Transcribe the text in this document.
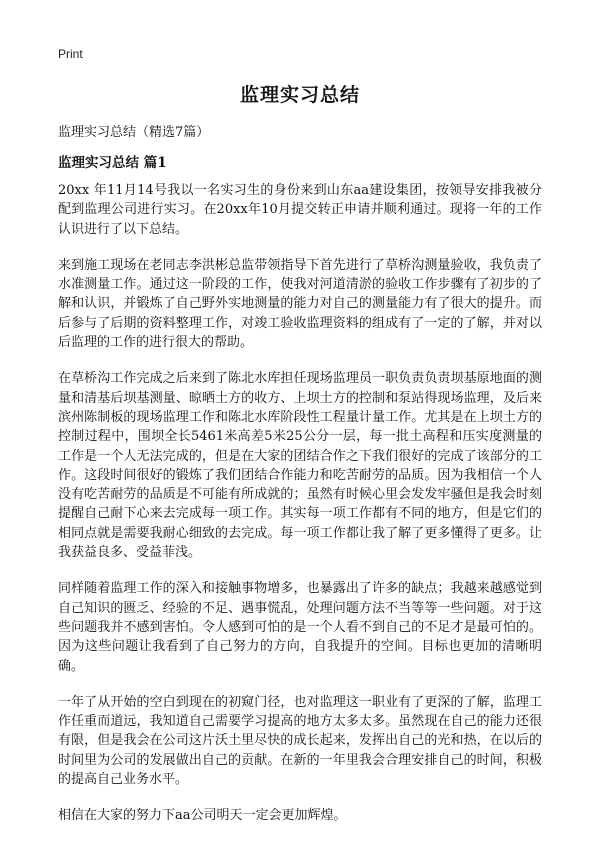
Print
监理实习总结

监理实习总结（精选7篇）

监理实习总结 篇1

20xx 年11月14号我以一名实习生的身份来到山东aa建设集团，按领导安排我被分配到监理公司进行实习。在20xx年10月提交转正申请并顺利通过。现将一年的工作认识进行了以下总结。

来到施工现场在老同志李洪彬总监带领指导下首先进行了草桥沟测量验收，我负责了水准测量工作。通过这一阶段的工作，使我对河道清淤的验收工作步骤有了初步的了解和认识，并锻炼了自己野外实地测量的能力对自己的测量能力有了很大的提升。而后参与了后期的资料整理工作，对竣工验收监理资料的组成有了一定的了解，并对以后监理的工作的进行很大的帮助。

在草桥沟工作完成之后来到了陈北水库担任现场监理员一职负责负责坝基原地面的测量和清基后坝基测量、晾晒土方的收方、上坝土方的控制和泵站得现场监理，及后来滨州陈制板的现场监理工作和陈北水库阶段性工程量计量工作。尤其是在上坝土方的控制过程中，围坝全长5461米高差5米25公分一层，每一批土高程和压实度测量的工作是一个人无法完成的，但是在大家的团结合作之下我们很好的完成了该部分的工作。这段时间很好的锻炼了我们团结合作能力和吃苦耐劳的品质。因为我相信一个人没有吃苦耐劳的品质是不可能有所成就的；虽然有时候心里会发发牢骚但是我会时刻提醒自己耐下心来去完成每一项工作。其实每一项工作都有不同的地方，但是它们的相同点就是需要我耐心细致的去完成。每一项工作都让我了解了更多懂得了更多。让我获益良多、受益菲浅。

同样随着监理工作的深入和接触事物增多，也暴露出了许多的缺点；我越来越感觉到自己知识的匮乏、经验的不足、遇事慌乱，处理问题方法不当等等一些问题。对于这些问题我并不感到害怕。令人感到可怕的是一个人看不到自己的不足才是最可怕的。因为这些问题让我看到了自己努力的方向，自我提升的空间。目标也更加的清晰明确。

一年了从开始的空白到现在的初窥门径，也对监理这一职业有了更深的了解，监理工作任重而道远，我知道自己需要学习提高的地方太多太多。虽然现在自己的能力还很有限，但是我会在公司这片沃土里尽快的成长起来，发挥出自己的光和热，在以后的时间里为公司的发展做出自己的贡献。在新的一年里我会合理安排自己的时间，积极的提高自己业务水平。

相信在大家的努力下aa公司明天一定会更加辉煌。
